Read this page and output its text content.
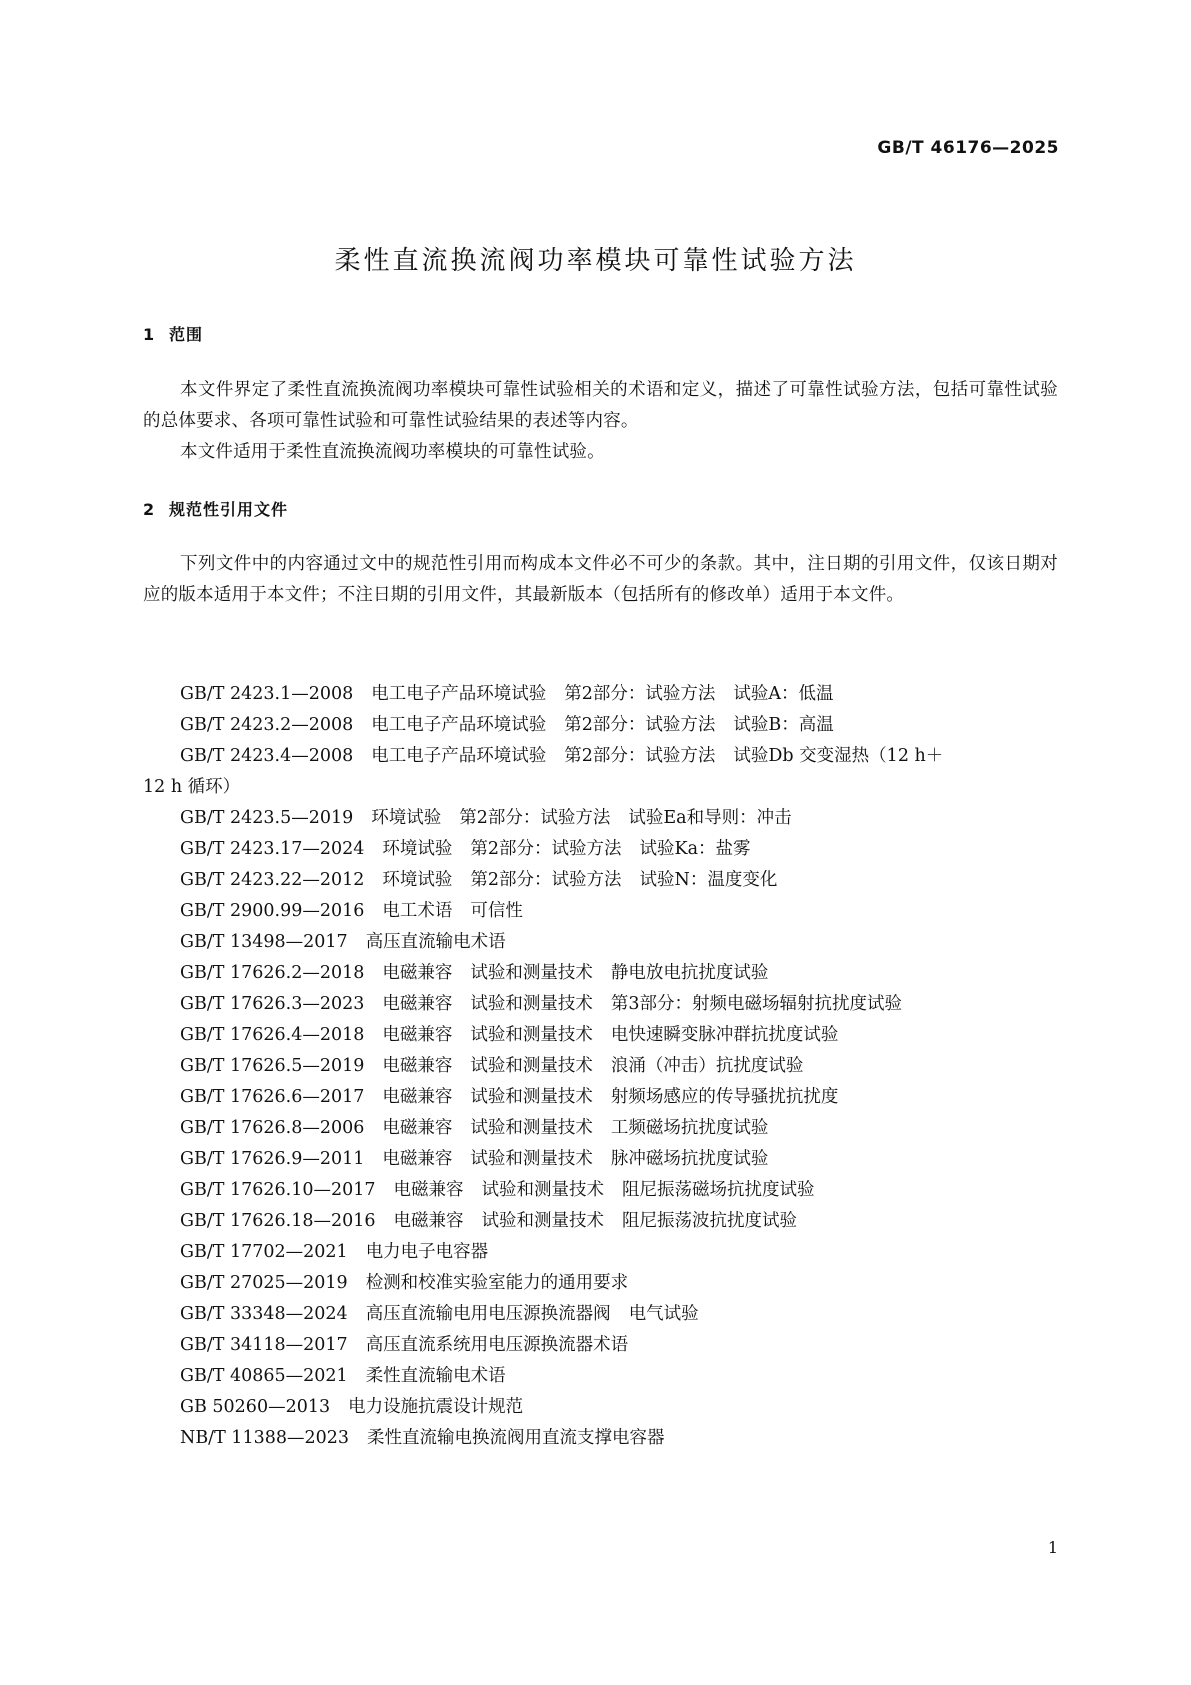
GB/T 46176—2025
柔性直流换流阀功率模块可靠性试验方法
1 范围

本文件界定了柔性直流换流阀功率模块可靠性试验相关的术语和定义，描述了可靠性试验方法，包括可靠性试验的总体要求、各项可靠性试验和可靠性试验结果的表述等内容。

本文件适用于柔性直流换流阀功率模块的可靠性试验。

2 规范性引用文件

下列文件中的内容通过文中的规范性引用而构成本文件必不可少的条款。其中，注日期的引用文件，仅该日期对应的版本适用于本文件；不注日期的引用文件，其最新版本（包括所有的修改单）适用于本文件。

GB/T 2423.1—2008 电工电子产品环境试验 第2部分：试验方法 试验A：低温
GB/T 2423.2—2008 电工电子产品环境试验 第2部分：试验方法 试验B：高温
GB/T 2423.4—2008 电工电子产品环境试验 第2部分：试验方法 试验Db 交变湿热（12 h＋
12 h 循环）
GB/T 2423.5—2019 环境试验 第2部分：试验方法 试验Ea和导则：冲击
GB/T 2423.17—2024 环境试验 第2部分：试验方法 试验Ka：盐雾
GB/T 2423.22—2012 环境试验 第2部分：试验方法 试验N：温度变化
GB/T 2900.99—2016 电工术语 可信性
GB/T 13498—2017 高压直流输电术语
GB/T 17626.2—2018 电磁兼容 试验和测量技术 静电放电抗扰度试验
GB/T 17626.3—2023 电磁兼容 试验和测量技术 第3部分：射频电磁场辐射抗扰度试验
GB/T 17626.4—2018 电磁兼容 试验和测量技术 电快速瞬变脉冲群抗扰度试验
GB/T 17626.5—2019 电磁兼容 试验和测量技术 浪涌（冲击）抗扰度试验
GB/T 17626.6—2017 电磁兼容 试验和测量技术 射频场感应的传导骚扰抗扰度
GB/T 17626.8—2006 电磁兼容 试验和测量技术 工频磁场抗扰度试验
GB/T 17626.9—2011 电磁兼容 试验和测量技术 脉冲磁场抗扰度试验
GB/T 17626.10—2017 电磁兼容 试验和测量技术 阻尼振荡磁场抗扰度试验
GB/T 17626.18—2016 电磁兼容 试验和测量技术 阻尼振荡波抗扰度试验
GB/T 17702—2021 电力电子电容器
GB/T 27025—2019 检测和校准实验室能力的通用要求
GB/T 33348—2024 高压直流输电用电压源换流器阀 电气试验
GB/T 34118—2017 高压直流系统用电压源换流器术语
GB/T 40865—2021 柔性直流输电术语
GB 50260—2013 电力设施抗震设计规范
NB/T 11388—2023 柔性直流输电换流阀用直流支撑电容器
1
